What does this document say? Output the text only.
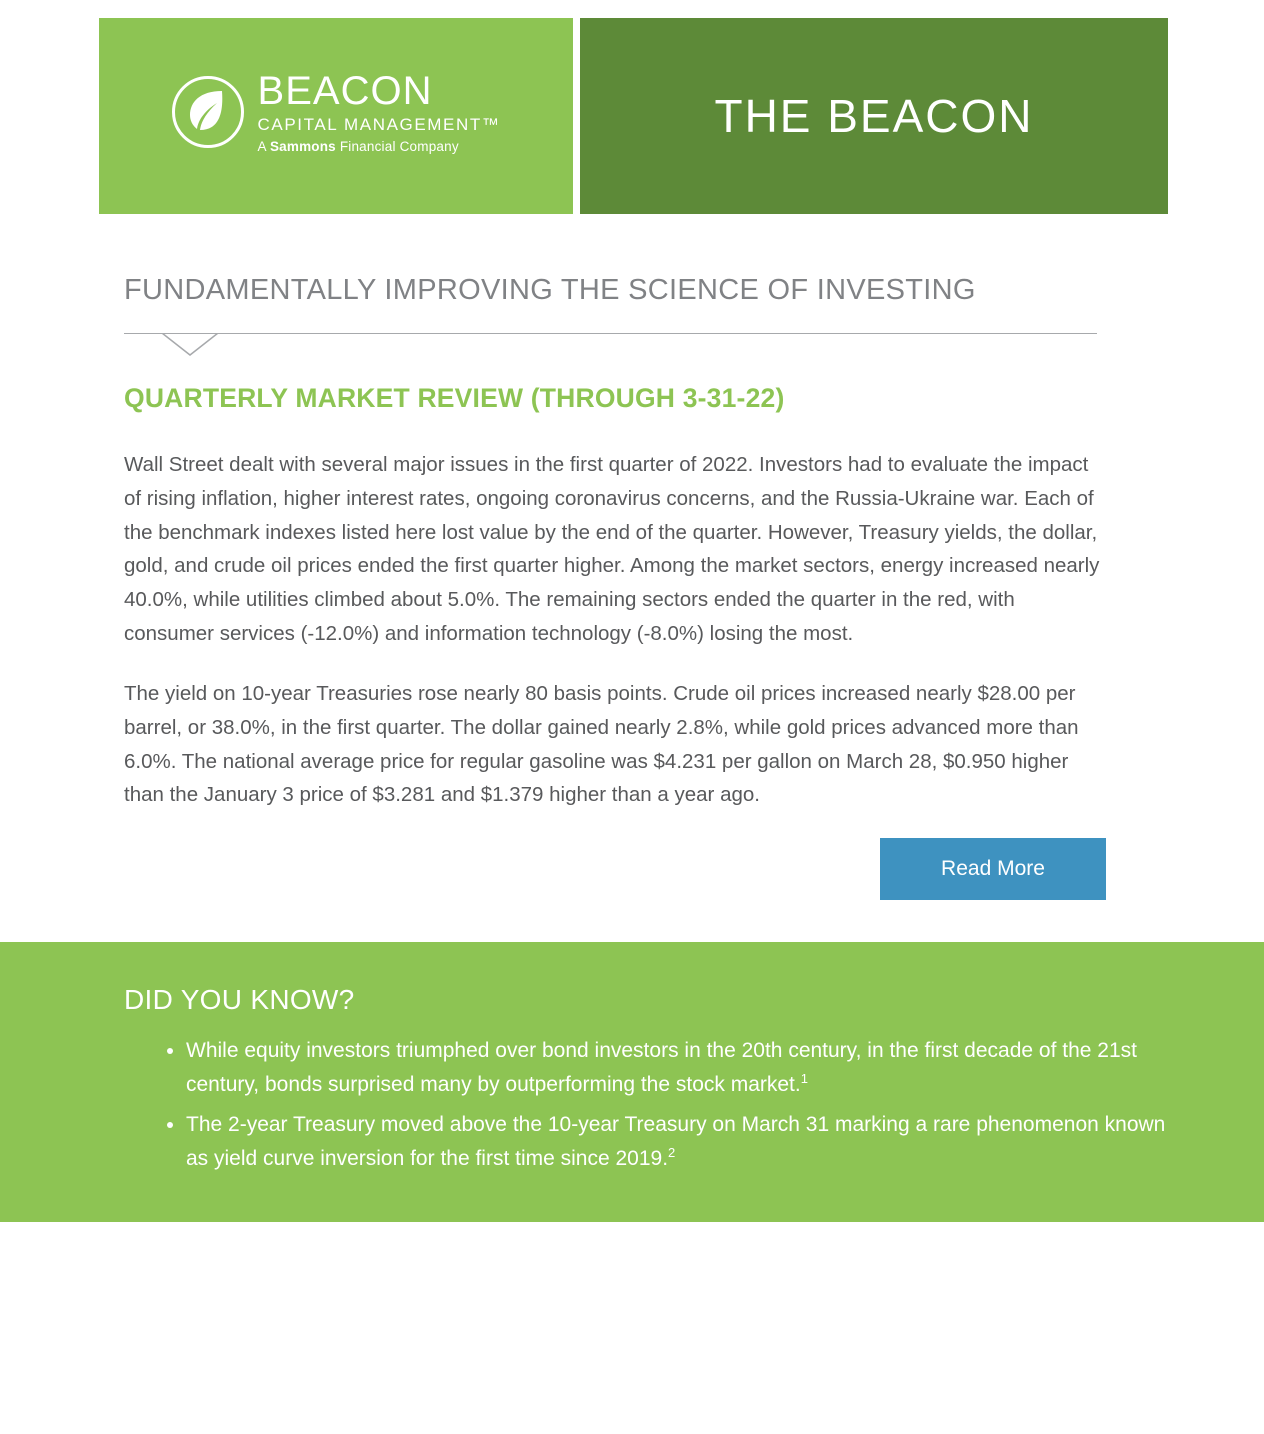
BEACON
CAPITAL MANAGEMENT™
A Sammons Financial Company
THE BEACON
FUNDAMENTALLY IMPROVING THE SCIENCE OF INVESTING
QUARTERLY MARKET REVIEW (THROUGH 3-31-22)

Wall Street dealt with several major issues in the first quarter of 2022. Investors had to evaluate the impact of rising inflation, higher interest rates, ongoing coronavirus concerns, and the Russia-Ukraine war. Each of the benchmark indexes listed here lost value by the end of the quarter. However, Treasury yields, the dollar, gold, and crude oil prices ended the first quarter higher. Among the market sectors, energy increased nearly 40.0%, while utilities climbed about 5.0%. The remaining sectors ended the quarter in the red, with consumer services (-12.0%) and information technology (-8.0%) losing the most.

The yield on 10-year Treasuries rose nearly 80 basis points. Crude oil prices increased nearly $28.00 per barrel, or 38.0%, in the first quarter. The dollar gained nearly 2.8%, while gold prices advanced more than 6.0%. The national average price for regular gasoline was $4.231 per gallon on March 28, $0.950 higher than the January 3 price of $3.281 and $1.379 higher than a year ago.

Read More
DID YOU KNOW?
• While equity investors triumphed over bond investors in the 20th century, in the first decade of the 21st century, bonds surprised many by outperforming the stock market.$^1$
• The 2-year Treasury moved above the 10-year Treasury on March 31 marking a rare phenomenon known as yield curve inversion for the first time since 2019.$^2$
